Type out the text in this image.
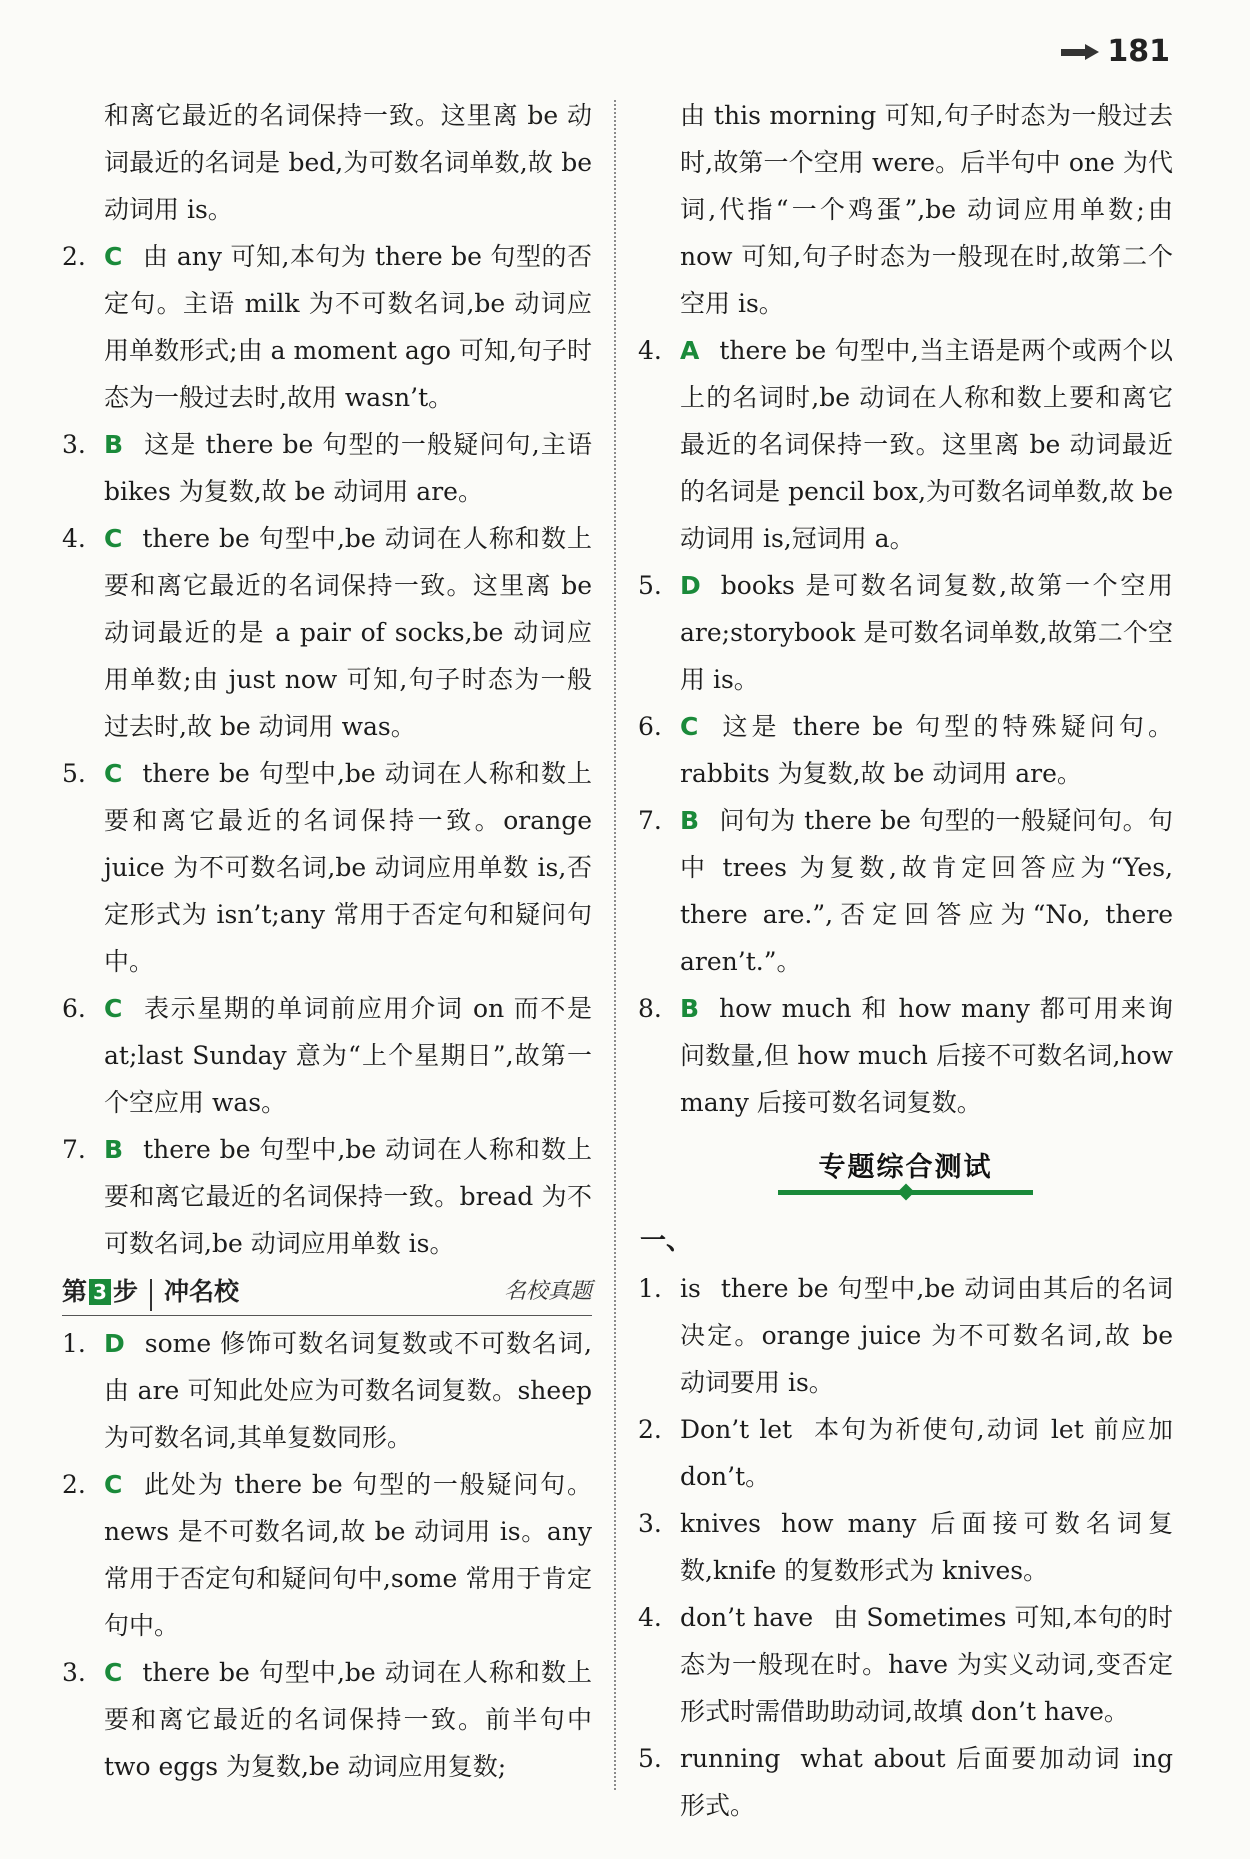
181
和离它最近的名词保持一致。这里离 be 动词最近的名词是 bed,为可数名词单数,故 be 动词用 is。
2. C 由 any 可知,本句为 there be 句型的否定句。主语 milk 为不可数名词,be 动词应用单数形式;由 a moment ago 可知,句子时态为一般过去时,故用 wasn’t。
3. B 这是 there be 句型的一般疑问句,主语 bikes 为复数,故 be 动词用 are。
4. C there be 句型中,be 动词在人称和数上要和离它最近的名词保持一致。这里离 be 动词最近的是 a pair of socks,be 动词应用单数;由 just now 可知,句子时态为一般过去时,故 be 动词用 was。
5. C there be 句型中,be 动词在人称和数上要和离它最近的名词保持一致。orange juice 为不可数名词,be 动词应用单数 is,否定形式为 isn’t;any 常用于否定句和疑问句中。
6. C 表示星期的单词前应用介词 on 而不是 at;last Sunday 意为“上个星期日”,故第一个空应用 was。
7. B there be 句型中,be 动词在人称和数上要和离它最近的名词保持一致。bread 为不可数名词,be 动词应用单数 is。
第 3 步 冲名校	名校真题
1. D some 修饰可数名词复数或不可数名词,由 are 可知此处应为可数名词复数。sheep 为可数名词,其单复数同形。
2. C 此处为 there be 句型的一般疑问句。news 是不可数名词,故 be 动词用 is。any 常用于否定句和疑问句中,some 常用于肯定句中。
3. C there be 句型中,be 动词在人称和数上要和离它最近的名词保持一致。前半句中 two eggs 为复数,be 动词应用复数;
由 this morning 可知,句子时态为一般过去时,故第一个空用 were。后半句中 one 为代词,代指“一个鸡蛋”,be 动词应用单数;由 now 可知,句子时态为一般现在时,故第二个空用 is。
4. A there be 句型中,当主语是两个或两个以上的名词时,be 动词在人称和数上要和离它最近的名词保持一致。这里离 be 动词最近的名词是 pencil box,为可数名词单数,故 be 动词用 is,冠词用 a。
5. D books 是可数名词复数,故第一个空用 are;storybook 是可数名词单数,故第二个空用 is。
6. C 这是 there be 句型的特殊疑问句。rabbits 为复数,故 be 动词用 are。
7. B 问句为 there be 句型的一般疑问句。句中 trees 为复数,故肯定回答应为“Yes, there are.”,否定回答应为“No, there aren’t.”。
8. B how much 和 how many 都可用来询问数量,但 how much 后接不可数名词,how many 后接可数名词复数。
专题综合测试
一、
1. is there be 句型中,be 动词由其后的名词决定。orange juice 为不可数名词,故 be 动词要用 is。
2. Don’t let 本句为祈使句,动词 let 前应加 don’t。
3. knives how many 后面接可数名词复数,knife 的复数形式为 knives。
4. don’t have 由 Sometimes 可知,本句的时态为一般现在时。have 为实义动词,变否定形式时需借助助动词,故填 don’t have。
5. running what about 后面要加动词 ing 形式。
